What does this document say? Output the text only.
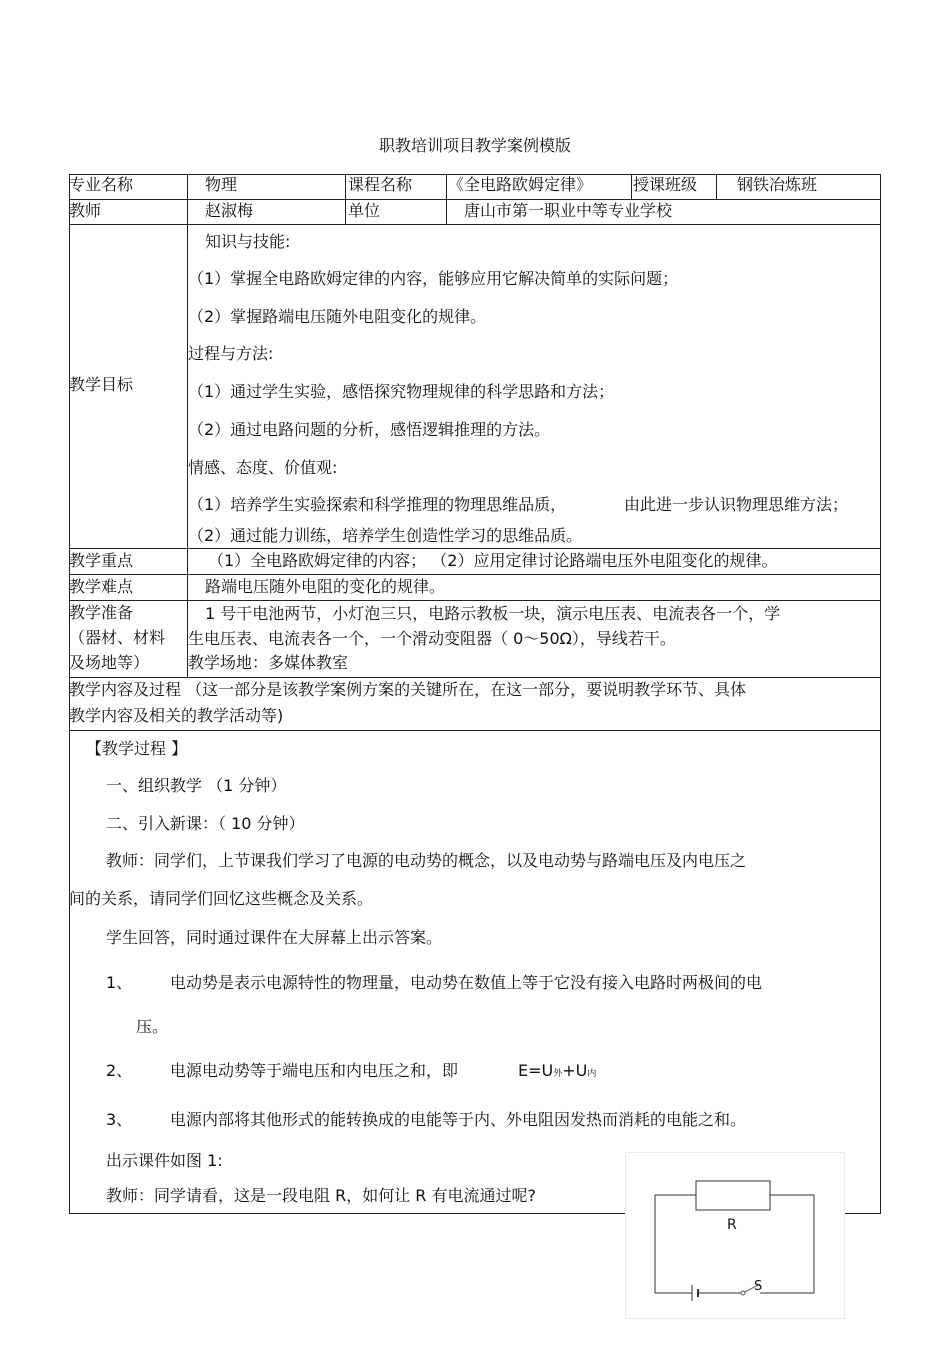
职教培训项目教学案例模版
专业名称	物理	课程名称 《全电路欧姆定律》	授课班级 钢铁冶炼班
教师	赵淑梅	单位	唐山市第一职业中等专业学校
教学目标
知识与技能:
（1）掌握全电路欧姆定律的内容，能够应用它解决简单的实际问题；
（2）掌握路端电压随外电阻变化的规律。
过程与方法:
（1）通过学生实验，感悟探究物理规律的科学思路和方法；
（2）通过电路问题的分析，感悟逻辑推理的方法。
情感、态度、价值观:
（1）培养学生实验探索和科学推理的物理思维品质，	由此进一步认识物理思维方法；
（2）通过能力训练，培养学生创造性学习的思维品质。
教学重点	（1）全电路欧姆定律的内容； （2）应用定律讨论路端电压外电阻变化的规律。
教学难点	路端电压随外电阻的变化的规律。
教学准备
（器材、材料
及场地等）
1 号干电池两节，小灯泡三只，电路示教板一块，演示电压表、电流表各一个，学
生电压表、电流表各一个，一个滑动变阻器（ 0～50Ω），导线若干。
教学场地：多媒体教室
教学内容及过程 （这一部分是该教学案例方案的关键所在，在这一部分，要说明教学环节、具体
教学内容及相关的教学活动等)
【教学过程 】
一、组织教学 （1 分钟）
二、引入新课：（ 10 分钟）
教师：同学们，上节课我们学习了电源的电动势的概念，以及电动势与路端电压及内电压之
间的关系，请同学们回忆这些概念及关系。
学生回答，同时通过课件在大屏幕上出示答案。
1、 电动势是表示电源特性的物理量，电动势在数值上等于它没有接入电路时两极间的电
压。
2、 电源电动势等于端电压和内电压之和，即	E=U外+U内
3、 电源内部将其他形式的能转换成的电能等于内、外电阻因发热而消耗的电能之和。
出示课件如图 1:
教师：同学请看，这是一段电阻 R，如何让 R 有电流通过呢?
R
S
